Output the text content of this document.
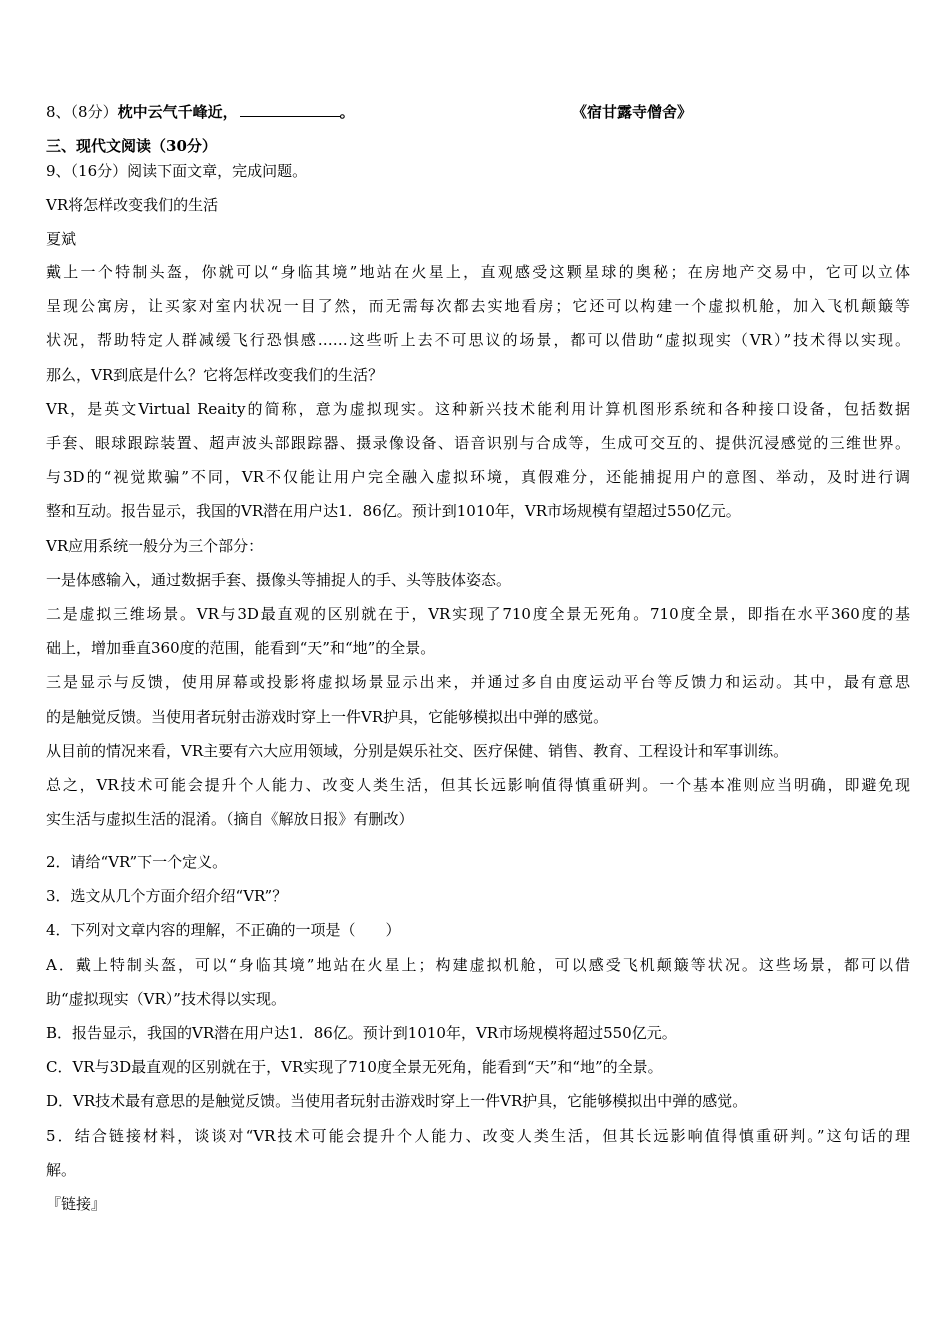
8、（8分）枕中云气千峰近，	。	《宿甘露寺僧舍》
三、现代文阅读（30分）
9、（16分）阅读下面文章，完成问题。
VR将怎样改变我们的生活
夏斌
戴上一个特制头盔，你就可以“身临其境”地站在火星上，直观感受这颗星球的奥秘；在房地产交易中，它可以立体
呈现公寓房，让买家对室内状况一目了然，而无需每次都去实地看房；它还可以构建一个虚拟机舱，加入飞机颠簸等
状况，帮助特定人群减缓飞行恐惧感……这些听上去不可思议的场景，都可以借助“虚拟现实（VR）”技术得以实现。
那么，VR到底是什么？它将怎样改变我们的生活？
VR，是英文Virtual Reaity的简称，意为虚拟现实。这种新兴技术能利用计算机图形系统和各种接口设备，包括数据
手套、眼球跟踪装置、超声波头部跟踪器、摄录像设备、语音识别与合成等，生成可交互的、提供沉浸感觉的三维世界。
与3D的“视觉欺骗”不同，VR不仅能让用户完全融入虚拟环境，真假难分，还能捕捉用户的意图、举动，及时进行调
整和互动。报告显示，我国的VR潜在用户达1．86亿。预计到1010年，VR市场规模有望超过550亿元。
VR应用系统一般分为三个部分：
一是体感输入，通过数据手套、摄像头等捕捉人的手、头等肢体姿态。
二是虚拟三维场景。VR与3D最直观的区别就在于，VR实现了710度全景无死角。710度全景，即指在水平360度的基
础上，增加垂直360度的范围，能看到“天”和“地”的全景。
三是显示与反馈，使用屏幕或投影将虚拟场景显示出来，并通过多自由度运动平台等反馈力和运动。其中，最有意思
的是触觉反馈。当使用者玩射击游戏时穿上一件VR护具，它能够模拟出中弹的感觉。
从目前的情况来看，VR主要有六大应用领域，分别是娱乐社交、医疗保健、销售、教育、工程设计和军事训练。
总之，VR技术可能会提升个人能力、改变人类生活，但其长远影响值得慎重研判。一个基本准则应当明确，即避免现
实生活与虚拟生活的混淆。（摘自《解放日报》有删改）
2．请给“VR”下一个定义。
3．选文从几个方面介绍介绍“VR”？
4．下列对文章内容的理解，不正确的一项是（　　）
A．戴上特制头盔，可以“身临其境”地站在火星上；构建虚拟机舱，可以感受飞机颠簸等状况。这些场景，都可以借
助“虚拟现实（VR）”技术得以实现。
B．报告显示，我国的VR潜在用户达1．86亿。预计到1010年，VR市场规模将超过550亿元。
C．VR与3D最直观的区别就在于，VR实现了710度全景无死角，能看到“天”和“地”的全景。
D．VR技术最有意思的是触觉反馈。当使用者玩射击游戏时穿上一件VR护具，它能够模拟出中弹的感觉。
5．结合链接材料，谈谈对“VR技术可能会提升个人能力、改变人类生活，但其长远影响值得慎重研判。”这句话的理
解。
『链接』
